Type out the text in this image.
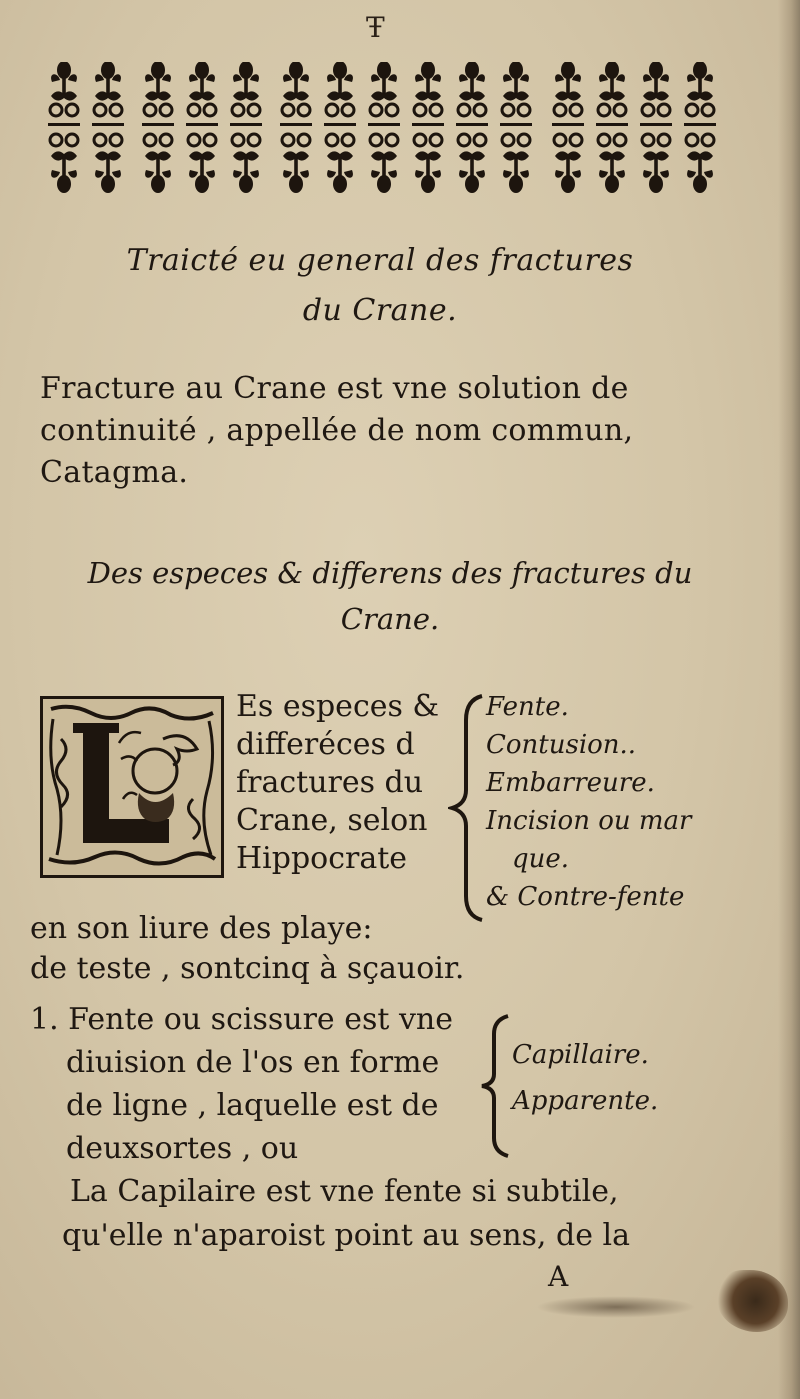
Ŧ
Traicté eu general des fractures
du Crane.
Fracture au Crane est vne solution de
continuité , appellée de nom commun,
Catagma.
Des especes & differens des fractures du
Crane.
Es especes &
differéces d
fractures du
Crane, selon
Hippocrate
Fente.
Contusion..
Embarreure.
Incision ou mar
que.
& Contre-fente
en son liure des playe:
de teste , sontcinq à sçauoir.
1. Fente ou scissure est vne
diuision de l'os en forme
de ligne , laquelle est de
deuxsortes , ou
Capillaire.
Apparente.
La Capilaire est vne fente si subtile,
qu'elle n'aparoist point au sens, de la
A
